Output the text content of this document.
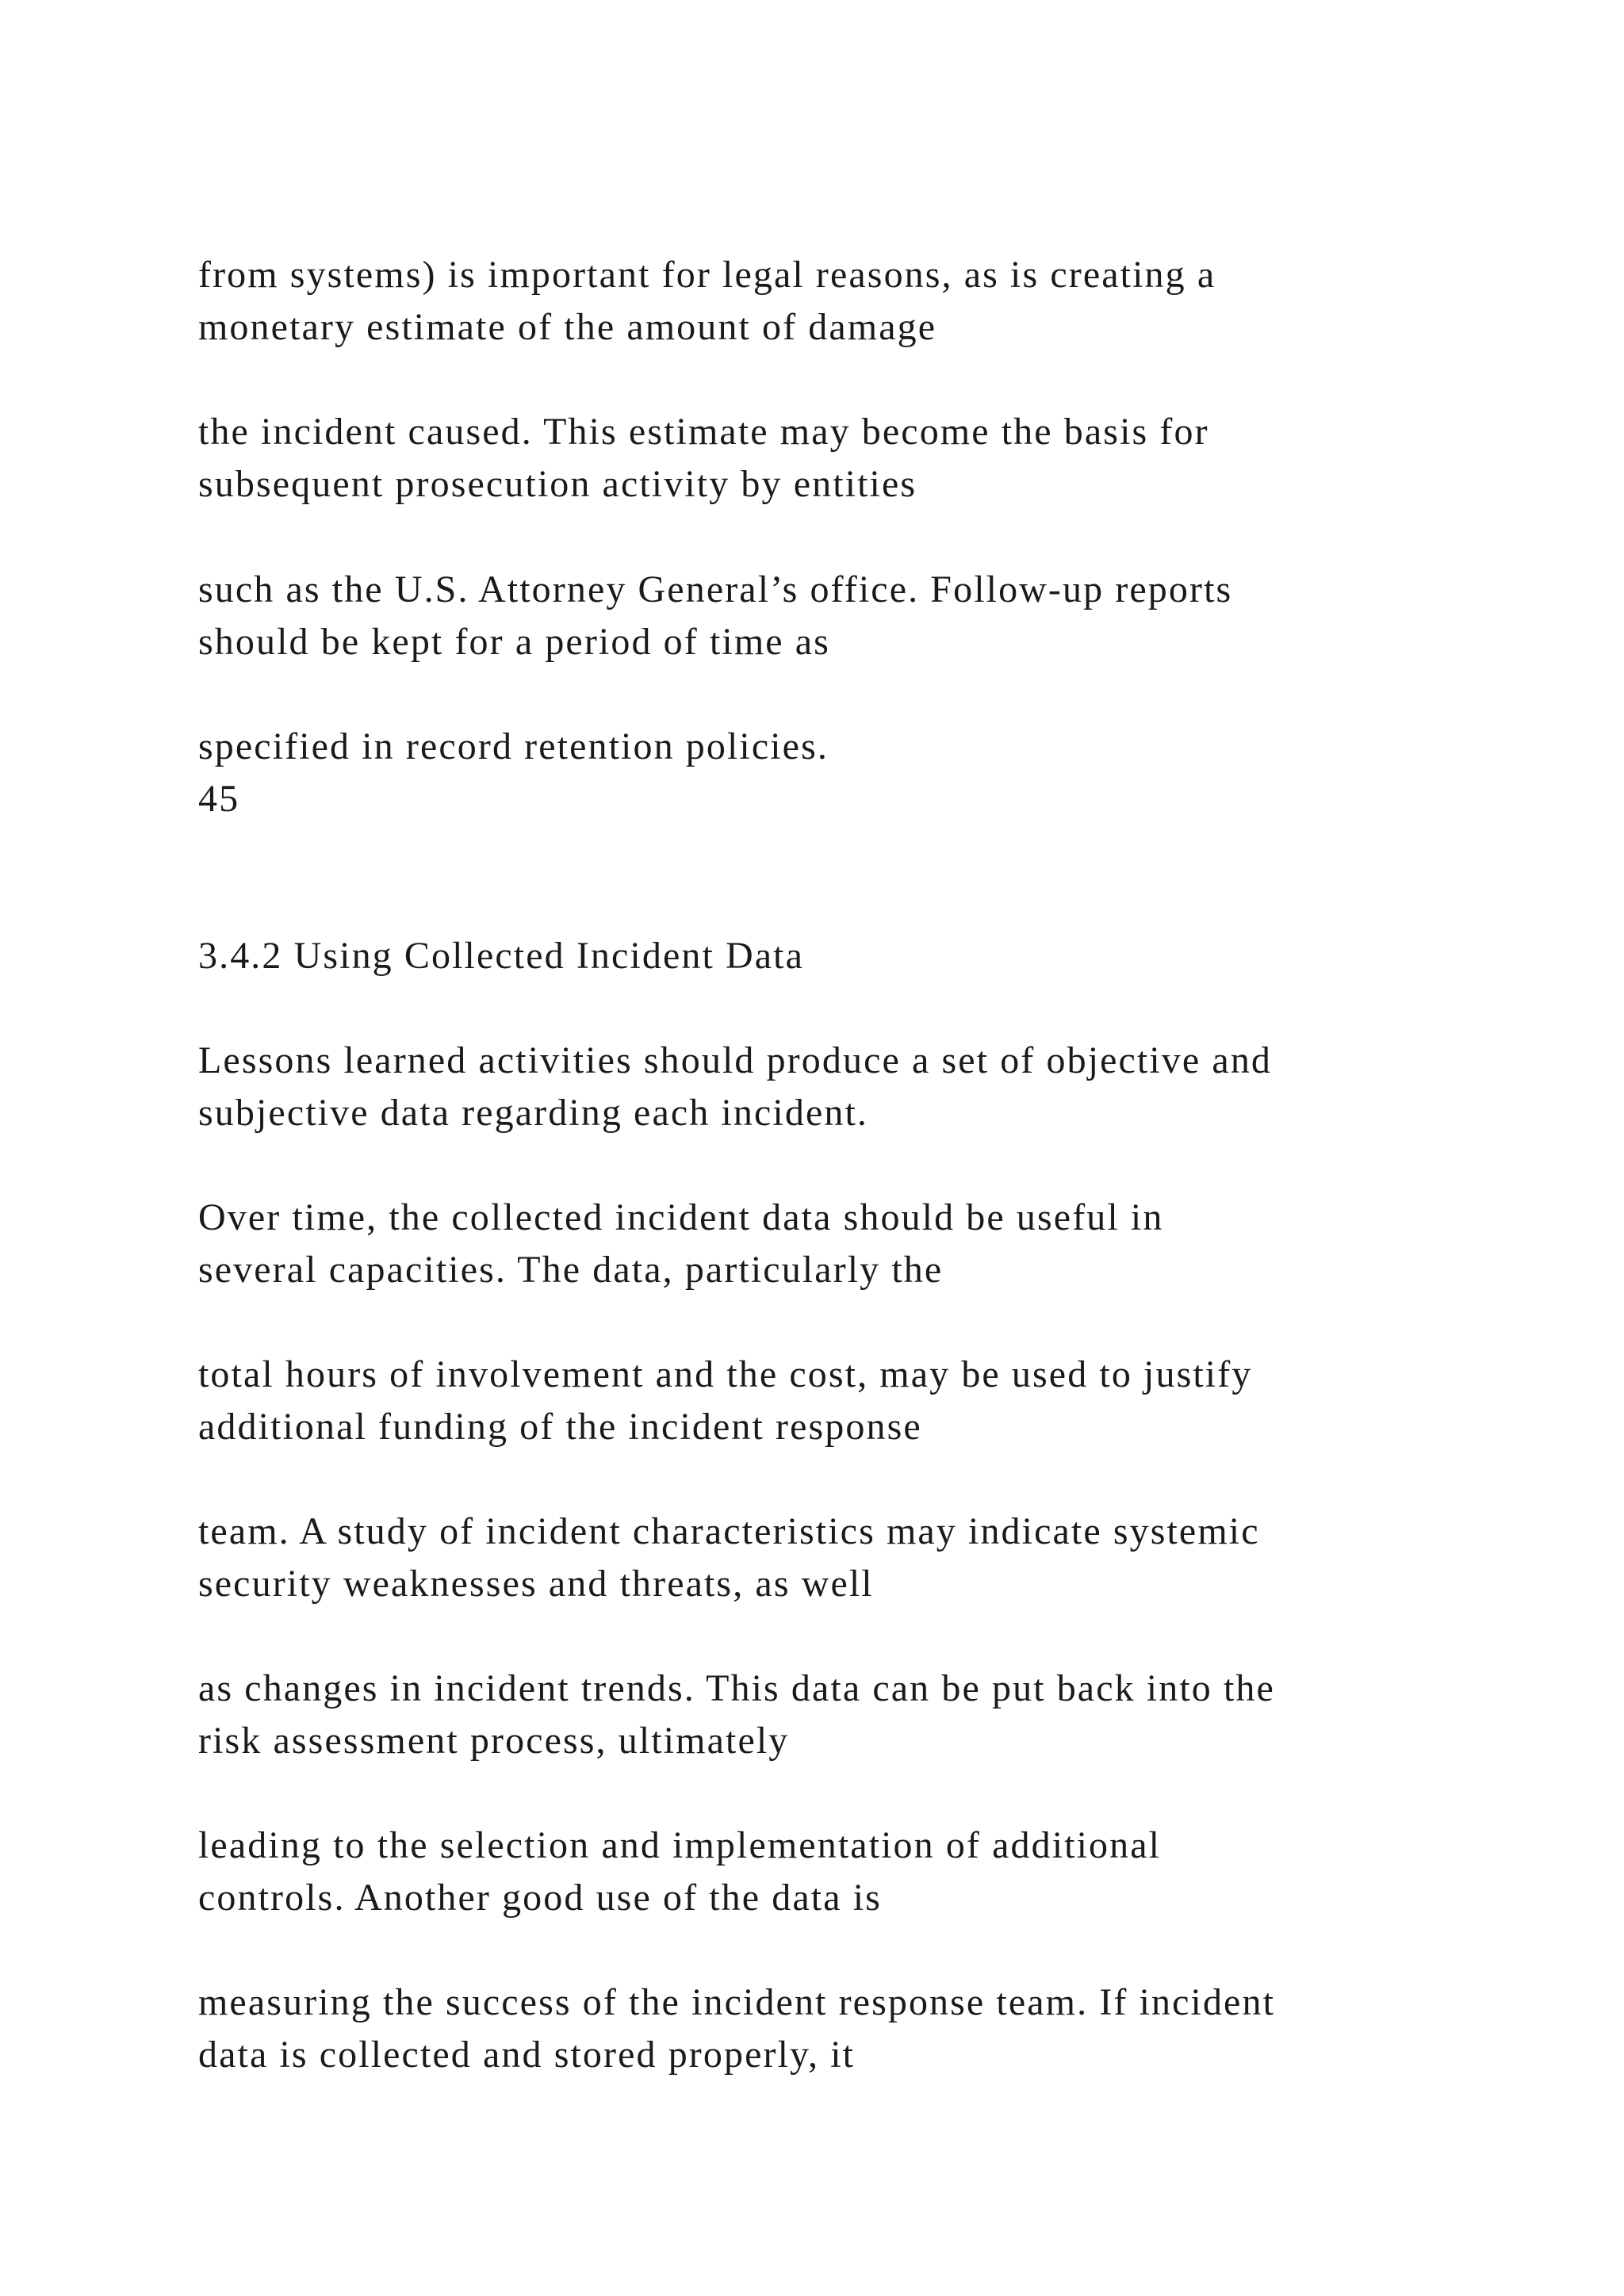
from systems) is important for legal reasons, as is creating a

monetary estimate of the amount of damage

the incident caused. This estimate may become the basis for

subsequent prosecution activity by entities

such as the U.S. Attorney General’s office. Follow-up reports

should be kept for a period of time as

specified in record retention policies.

45

3.4.2 Using Collected Incident Data

Lessons learned activities should produce a set of objective and

subjective data regarding each incident.

Over time, the collected incident data should be useful in

several capacities. The data, particularly the

total hours of involvement and the cost, may be used to justify

additional funding of the incident response

team. A study of incident characteristics may indicate systemic

security weaknesses and threats, as well

as changes in incident trends. This data can be put back into the

risk assessment process, ultimately

leading to the selection and implementation of additional

controls. Another good use of the data is

measuring the success of the incident response team. If incident

data is collected and stored properly, it
